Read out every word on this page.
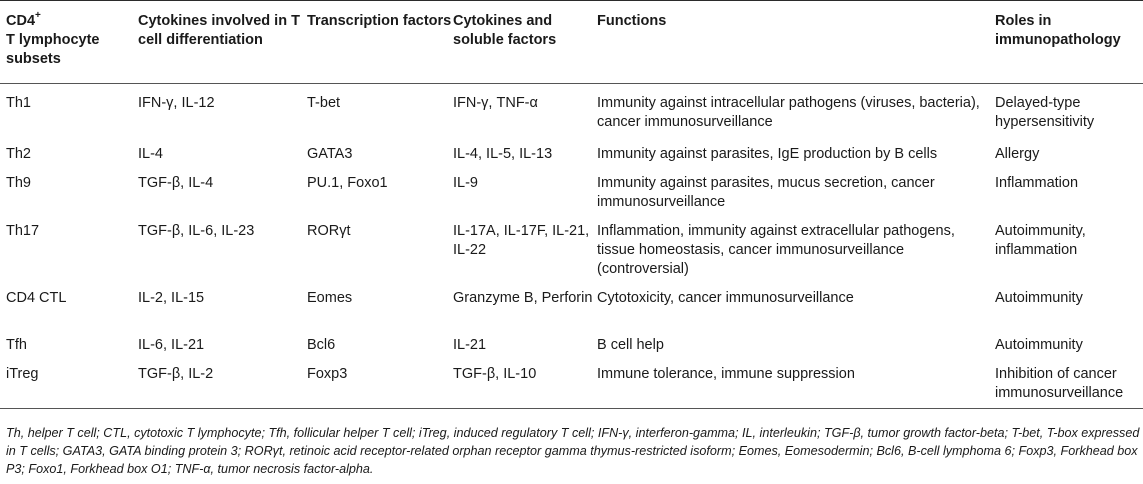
CD4+
T lymphocyte subsets	Cytokines involved in T cell differentiation	Transcription factors	Cytokines and soluble factors	Functions	Roles in immunopathology
Th1	IFN-γ, IL-12	T-bet	IFN-γ, TNF-α	Immunity against intracellular pathogens (viruses, bacteria), cancer immunosurveillance	Delayed-type hypersensitivity
Th2	IL-4	GATA3	IL-4, IL-5, IL-13	Immunity against parasites, IgE production by B cells	Allergy
Th9	TGF-β, IL-4	PU.1, Foxo1	IL-9	Immunity against parasites, mucus secretion, cancer immunosurveillance	Inflammation
Th17	TGF-β, IL-6, IL-23	RORγt	IL-17A, IL-17F, IL-21, IL-22	Inflammation, immunity against extracellular pathogens, tissue homeostasis, cancer immunosurveillance (controversial)	Autoimmunity, inflammation
CD4 CTL	IL-2, IL-15	Eomes	Granzyme B, Perforin	Cytotoxicity, cancer immunosurveillance	Autoimmunity
Tfh	IL-6, IL-21	Bcl6	IL-21	B cell help	Autoimmunity
iTreg	TGF-β, IL-2	Foxp3	TGF-β, IL-10	Immune tolerance, immune suppression	Inhibition of cancer immunosurveillance
Th, helper T cell; CTL, cytotoxic T lymphocyte; Tfh, follicular helper T cell; iTreg, induced regulatory T cell; IFN-γ, interferon-gamma; IL, interleukin; TGF-β, tumor growth factor-beta; T-bet, T-box expressed in T cells; GATA3, GATA binding protein 3; RORγt, retinoic acid receptor-related orphan receptor gamma thymus-restricted isoform; Eomes, Eomesodermin; Bcl6, B-cell lymphoma 6; Foxp3, Forkhead box P3; Foxo1, Forkhead box O1; TNF-α, tumor necrosis factor-alpha.
